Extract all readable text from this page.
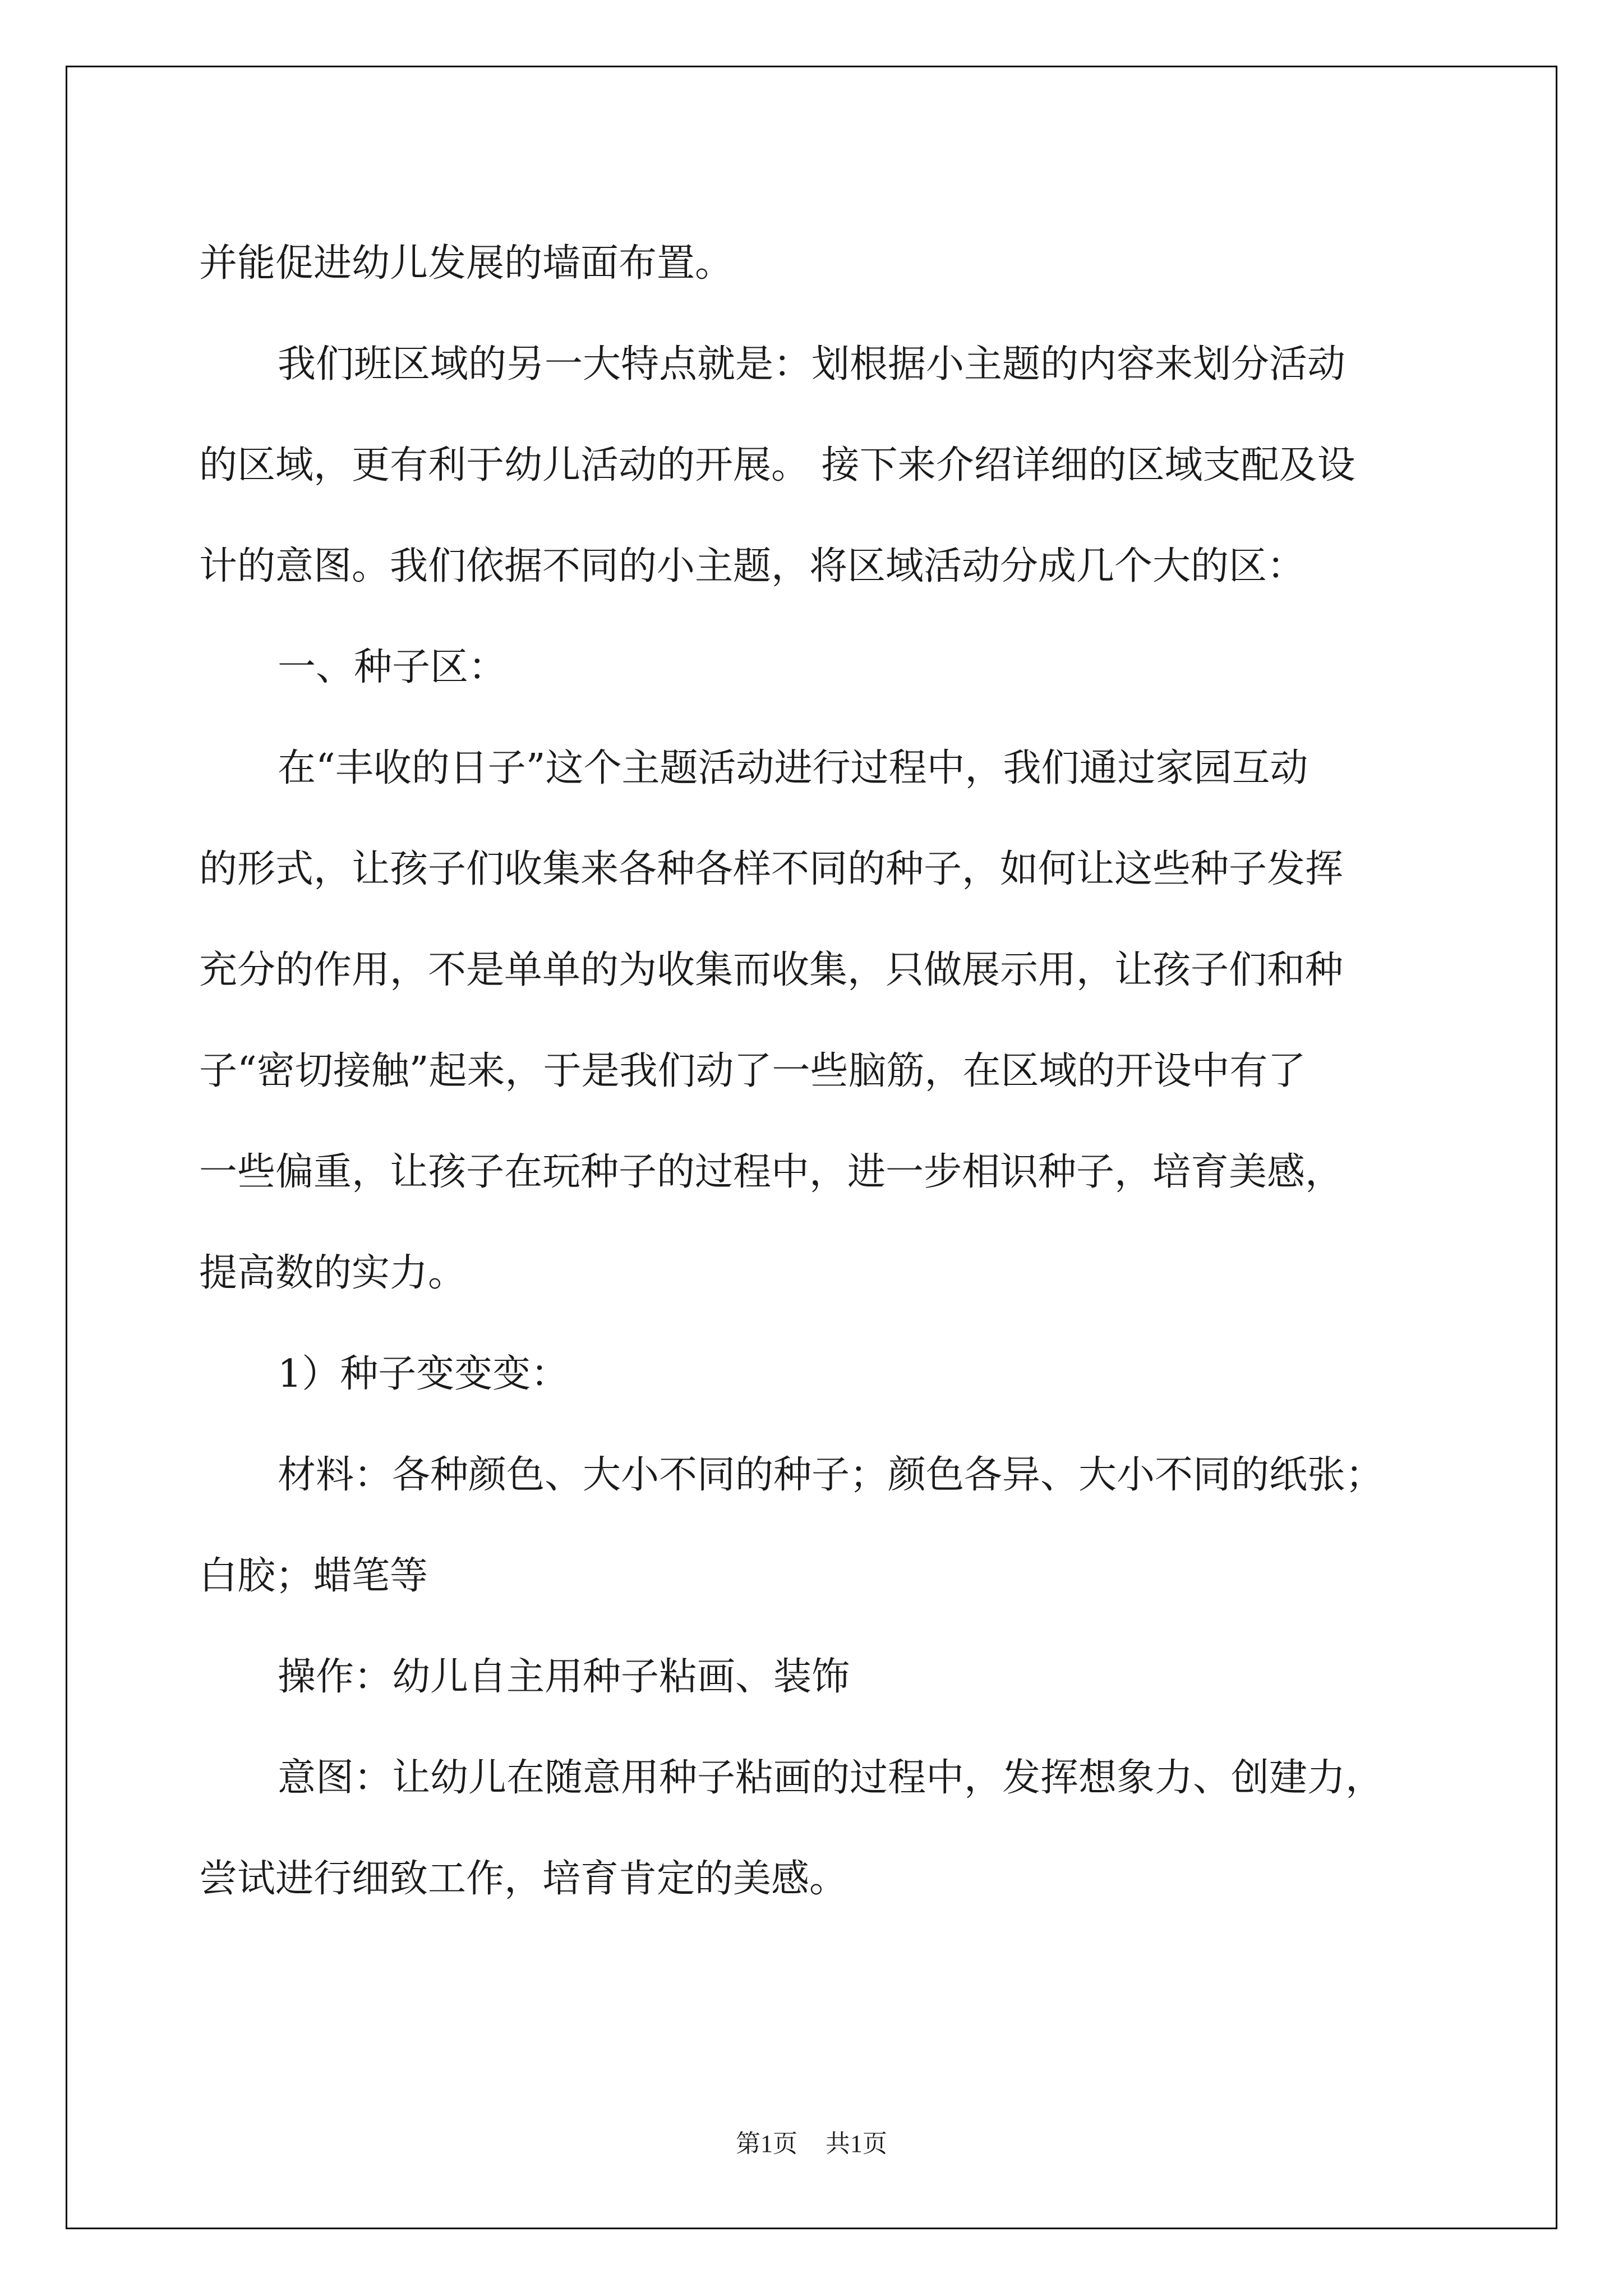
并能促进幼儿发展的墙面布置。
我们班区域的另一大特点就是：划根据小主题的内容来划分活动
的区域，更有利于幼儿活动的开展。 接下来介绍详细的区域支配及设
计的意图。我们依据不同的小主题，将区域活动分成几个大的区：
一、种子区：
在“丰收的日子”这个主题活动进行过程中，我们通过家园互动
的形式，让孩子们收集来各种各样不同的种子，如何让这些种子发挥
充分的作用，不是单单的为收集而收集，只做展示用，让孩子们和种
子“密切接触”起来，于是我们动了一些脑筋，在区域的开设中有了
一些偏重，让孩子在玩种子的过程中，进一步相识种子，培育美感，
提高数的实力。
1）种子变变变：
材料：各种颜色、大小不同的种子；颜色各异、大小不同的纸张；
白胶；蜡笔等
操作：幼儿自主用种子粘画、装饰
意图：让幼儿在随意用种子粘画的过程中，发挥想象力、创建力，
尝试进行细致工作，培育肯定的美感。
第1页 共1页
